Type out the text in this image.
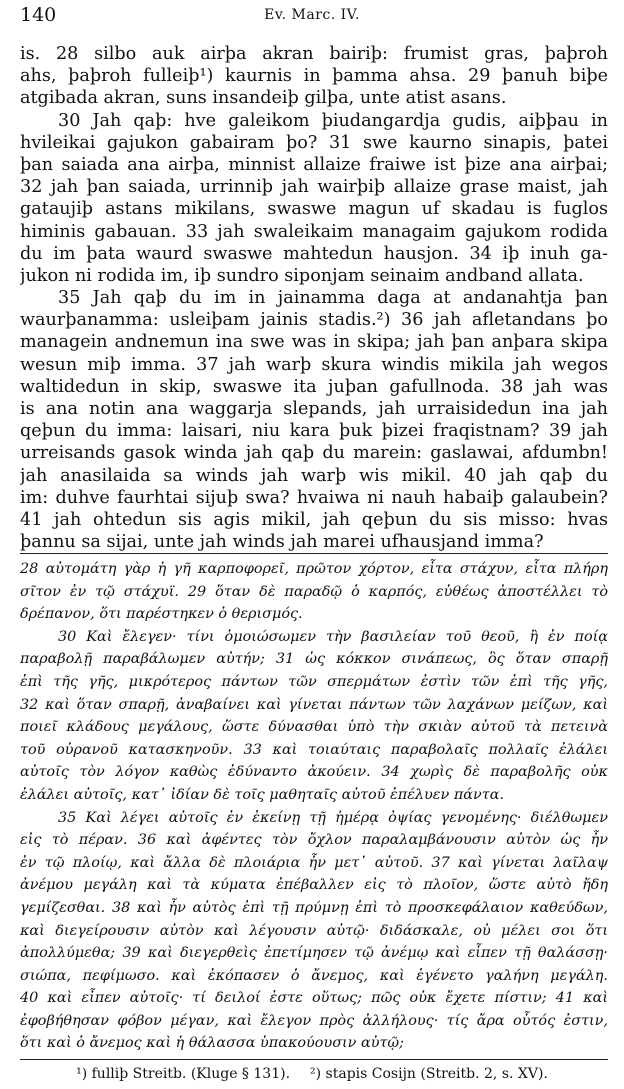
140	Ev. Marc. IV.
is. 28 silbo auk airþa akran bairiþ: frumist gras, þaþroh
ahs, þaþroh fulleiþ¹) kaurnis in þamma ahsa. 29 þanuh biþe
atgibada akran, suns insandeiþ gilþa, unte atist asans.
30 Jah qaþ: hve galeikom þiudangardja gudis, aiþþau in
hvileikai gajukon gabairam þo? 31 swe kaurno sinapis, þatei
þan saiada ana airþa, minnist allaize fraiwe ist þize ana airþai;
32 jah þan saiada, urrinniþ jah wairþiþ allaize grase maist, jah
gataujiþ astans mikilans, swaswe magun uf skadau is fuglos
himinis gabauan. 33 jah swaleikaim managaim gajukom rodida
du im þata waurd swaswe mahtedun hausjon. 34 iþ inuh ga-
jukon ni rodida im, iþ sundro siponjam seinaim andband allata.
35 Jah qaþ du im in jainamma daga at andanahtja þan
waurþanamma: usleiþam jainis stadis.²) 36 jah afletandans þo
managein andnemun ina swe was in skipa; jah þan anþara skipa
wesun miþ imma. 37 jah warþ skura windis mikila jah wegos
waltidedun in skip, swaswe ita juþan gafullnoda. 38 jah was
is ana notin ana waggarja slepands, jah urraisidedun ina jah
qeþun du imma: laisari, niu kara þuk þizei fraqistnam? 39 jah
urreisands gasok winda jah qaþ du marein: gaslawai, afdumbn!
jah anasilaida sa winds jah warþ wis mikil. 40 jah qaþ du
im: duhve faurhtai sijuþ swa? hvaiwa ni nauh habaiþ galaubein?
41 jah ohtedun sis agis mikil, jah qeþun du sis misso: hvas
þannu sa sijai, unte jah winds jah marei ufhausjand imma?
28 αὐτομάτη γὰρ ἡ γῆ καρποφορεῖ, πρῶτον χόρτον, εἶτα στάχυν, εἶτα πλήρη
σῖτον ἐν τῷ στάχυϊ. 29 ὅταν δὲ παραδῷ ὁ καρπός, εὐθέως ἀποστέλλει τὸ
δρέπανον, ὅτι παρέστηκεν ὁ θερισμός.
30 Καὶ ἔλεγεν· τίνι ὁμοιώσωμεν τὴν βασιλείαν τοῦ θεοῦ, ἢ ἐν ποίᾳ
παραβολῇ παραβάλωμεν αὐτήν; 31 ὡς κόκκον σινάπεως, ὃς ὅταν σπαρῇ
ἐπὶ τῆς γῆς, μικρότερος πάντων τῶν σπερμάτων ἐστὶν τῶν ἐπὶ τῆς γῆς,
32 καὶ ὅταν σπαρῇ, ἀναβαίνει καὶ γίνεται πάντων τῶν λαχάνων μείζων, καὶ
ποιεῖ κλάδους μεγάλους, ὥστε δύνασθαι ὑπὸ τὴν σκιὰν αὐτοῦ τὰ πετεινὰ
τοῦ οὐρανοῦ κατασκηνοῦν. 33 καὶ τοιαύταις παραβολαῖς πολλαῖς ἐλάλει
αὐτοῖς τὸν λόγον καθὼς ἐδύναντο ἀκούειν. 34 χωρὶς δὲ παραβολῆς οὐκ
ἐλάλει αὐτοῖς, κατ᾽ ἰδίαν δὲ τοῖς μαθηταῖς αὐτοῦ ἐπέλυεν πάντα.
35 Καὶ λέγει αὐτοῖς ἐν ἐκείνῃ τῇ ἡμέρᾳ ὀψίας γενομένης· διέλθωμεν
εἰς τὸ πέραν. 36 καὶ ἀφέντες τὸν ὄχλον παραλαμβάνουσιν αὐτὸν ὡς ἦν
ἐν τῷ πλοίῳ, καὶ ἄλλα δὲ πλοιάρια ἦν μετ᾽ αὐτοῦ. 37 καὶ γίνεται λαῖλαψ
ἀνέμου μεγάλη καὶ τὰ κύματα ἐπέβαλλεν εἰς τὸ πλοῖον, ὥστε αὐτὸ ἤδη
γεμίζεσθαι. 38 καὶ ἦν αὐτὸς ἐπὶ τῇ πρύμνῃ ἐπὶ τὸ προσκεφάλαιον καθεύδων,
καὶ διεγείρουσιν αὐτὸν καὶ λέγουσιν αὐτῷ· διδάσκαλε, οὐ μέλει σοι ὅτι
ἀπολλύμεθα; 39 καὶ διεγερθεὶς ἐπετίμησεν τῷ ἀνέμῳ καὶ εἶπεν τῇ θαλάσσῃ·
σιώπα, πεφίμωσο. καὶ ἐκόπασεν ὁ ἄνεμος, καὶ ἐγένετο γαλήνη μεγάλη.
40 καὶ εἶπεν αὐτοῖς· τί δειλοί ἐστε οὕτως; πῶς οὐκ ἔχετε πίστιν; 41 καὶ
ἐφοβήθησαν φόβον μέγαν, καὶ ἔλεγον πρὸς ἀλλήλους· τίς ἄρα οὗτός ἐστιν,
ὅτι καὶ ὁ ἄνεμος καὶ ἡ θάλασσα ὑπακούουσιν αὐτῷ;
¹) fulliþ Streitb. (Kluge § 131). ²) stapis Cosijn (Streitb. 2, s. XV).
